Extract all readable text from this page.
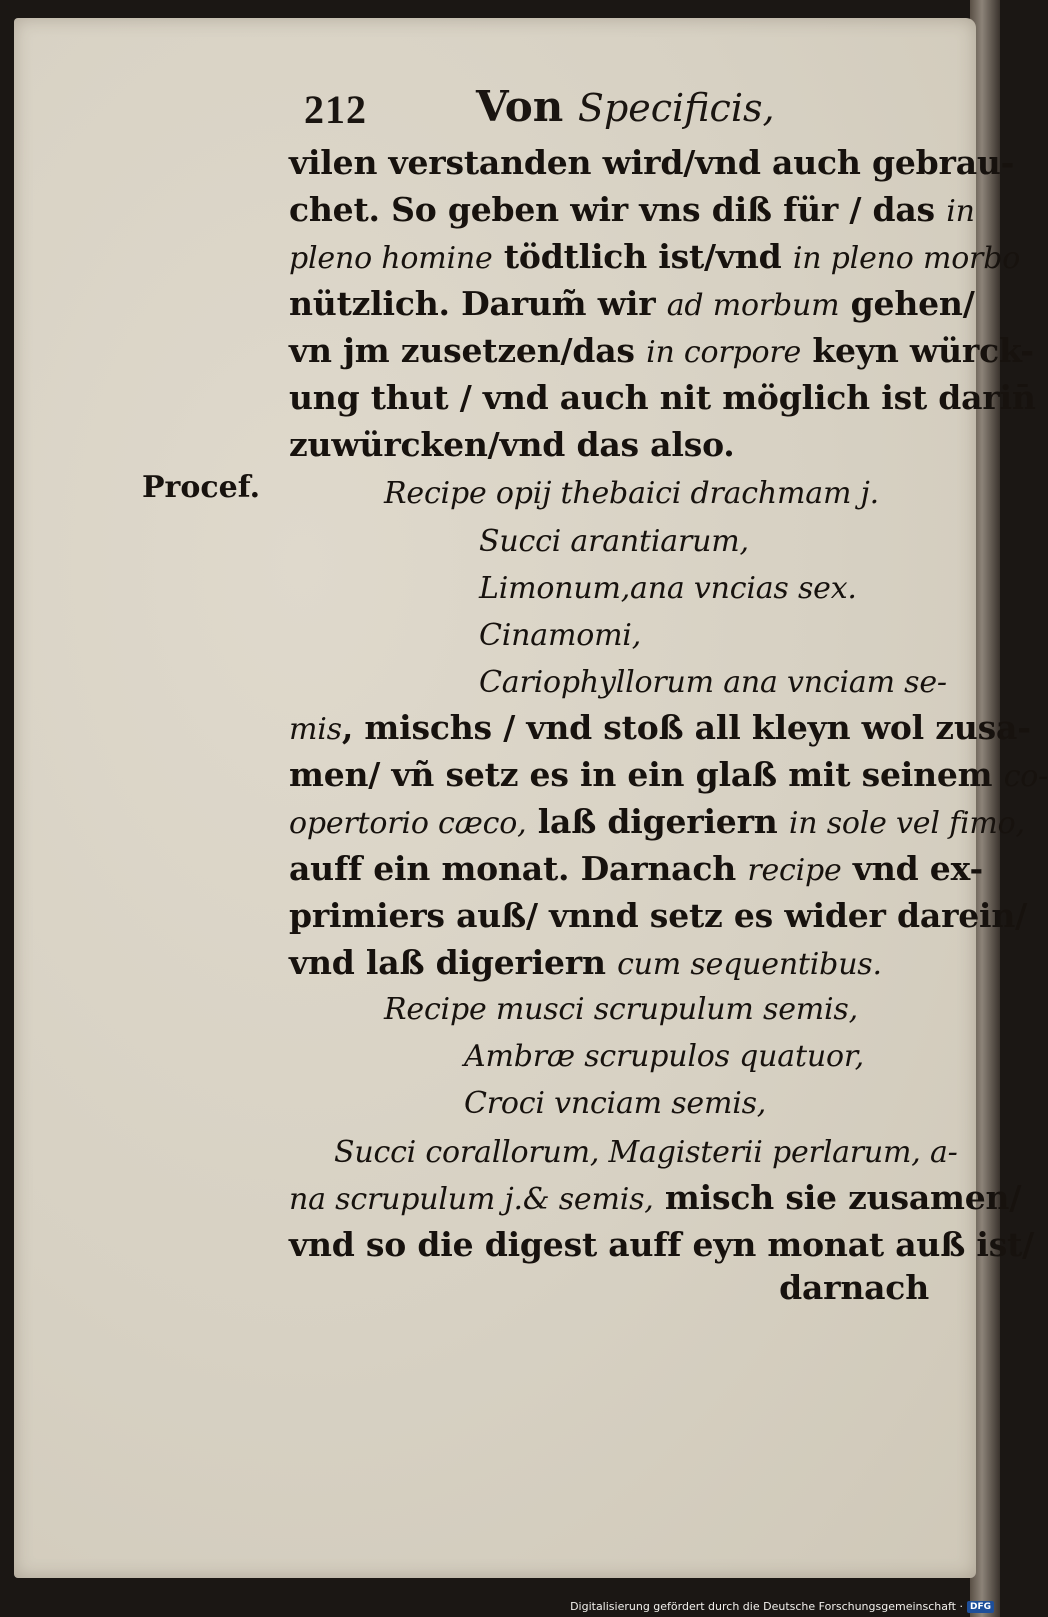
212	Von Specificis,
Procef.
vilen verstanden wird/vnd auch gebrau-
chet. So geben wir vns diß für / das in
pleno homine tödtlich ist/vnd in pleno morbo
nützlich. Darum̃ wir ad morbum gehen/
vn jm zusetzen/das in corpore keyn würck-
ung thut / vnd auch nit möglich ist darin̄
zuwürcken/vnd das also.
Recipe opij thebaici drachmam j.
Succi arantiarum,
Limonum,ana vncias sex.
Cinamomi,
Cariophyllorum ana vnciam se-
mis, mischs / vnd stoß all kleyn wol zusa-
men/ vñ setz es in ein glaß mit seinem co-
opertorio cæco, laß digeriern in sole vel fimo,
auff ein monat. Darnach recipe vnd ex-
primiers auß/ vnnd setz es wider darein/
vnd laß digeriern cum sequentibus.
Recipe musci scrupulum semis,
Ambræ scrupulos quatuor,
Croci vnciam semis,
Succi corallorum, Magisterii perlarum, a-
na scrupulum j.& semis, misch sie zusamen/
vnd so die digest auff eyn monat auß ist/
darnach
Digitalisierung gefördert durch die Deutsche Forschungsgemeinschaft · DFG
